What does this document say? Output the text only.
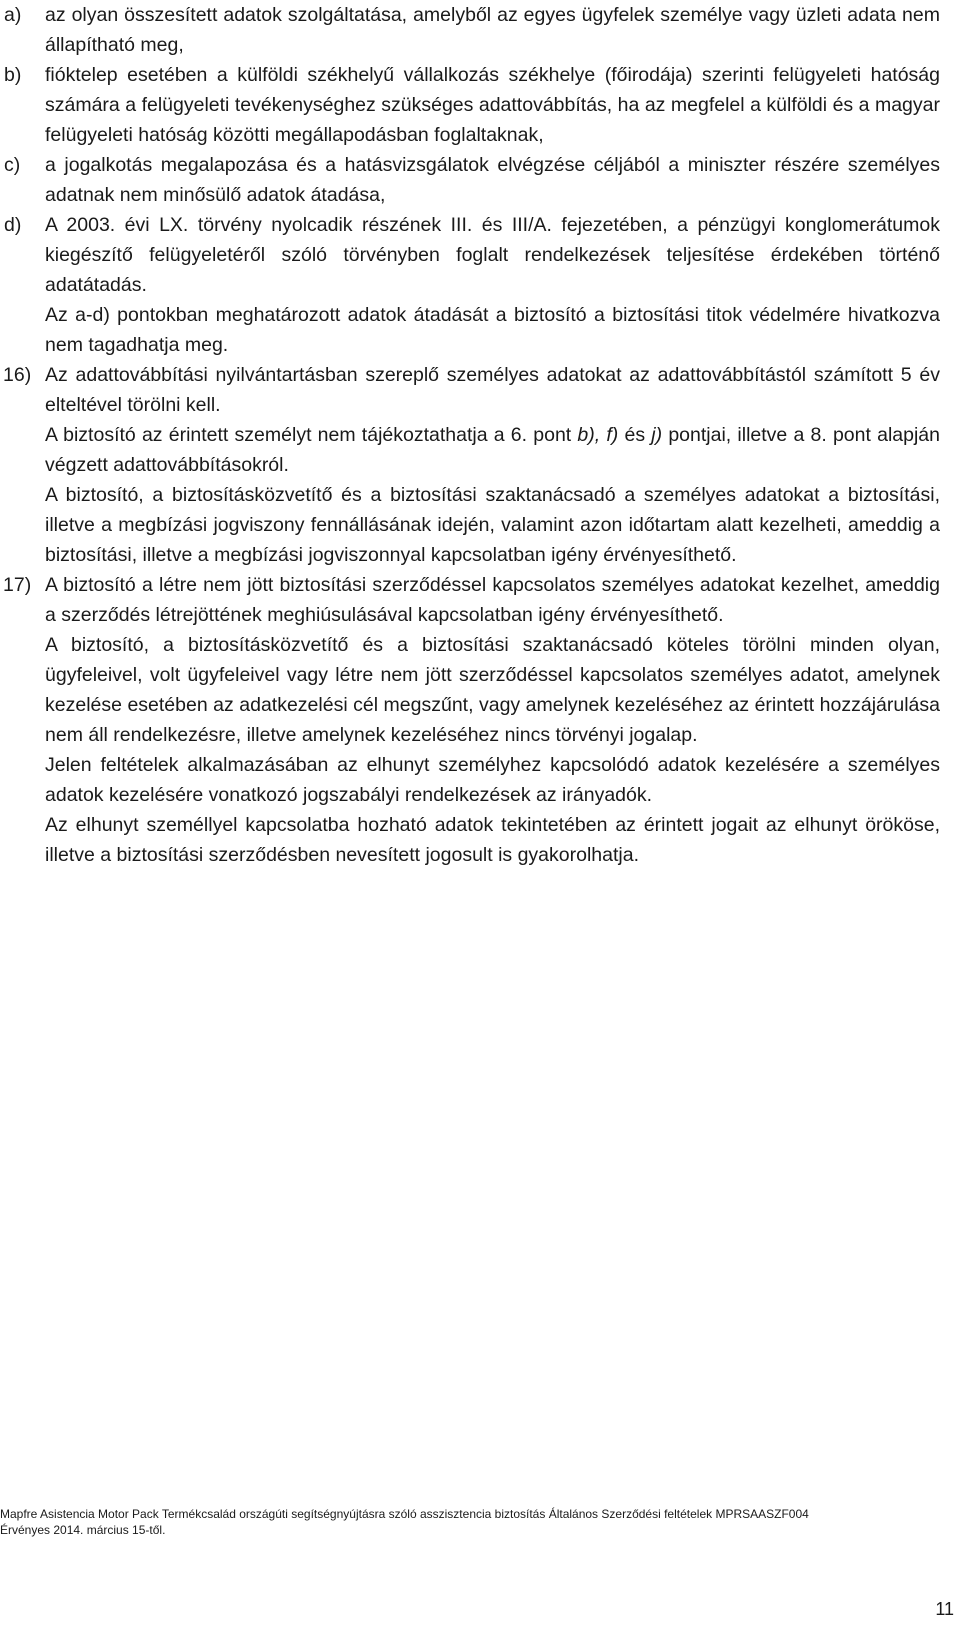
a) az olyan összesített adatok szolgáltatása, amelyből az egyes ügyfelek személye vagy üzleti adata nem állapítható meg,
b) fióktelep esetében a külföldi székhelyű vállalkozás székhelye (főirodája) szerinti felügyeleti hatóság számára a felügyeleti tevékenységhez szükséges adattovábbítás, ha az megfelel a külföldi és a magyar felügyeleti hatóság közötti megállapodásban foglaltaknak,
c) a jogalkotás megalapozása és a hatásvizsgálatok elvégzése céljából a miniszter részére személyes adatnak nem minősülő adatok átadása,
d) A 2003. évi LX. törvény nyolcadik részének III. és III/A. fejezetében, a pénzügyi konglomerátumok kiegészítő felügyeletéről szóló törvényben foglalt rendelkezések teljesítése érdekében történő adatátadás.
Az a-d) pontokban meghatározott adatok átadását a biztosító a biztosítási titok védelmére hivatkozva nem tagadhatja meg.
16) Az adattovábbítási nyilvántartásban szereplő személyes adatokat az adattovábbítástól számított 5 év elteltével törölni kell.
A biztosító az érintett személyt nem tájékoztathatja a 6. pont b), f) és j) pontjai, illetve a 8. pont alapján végzett adattovábbításokról.
A biztosító, a biztosításközvetítő és a biztosítási szaktanácsadó a személyes adatokat a biztosítási, illetve a megbízási jogviszony fennállásának idején, valamint azon időtartam alatt kezelheti, ameddig a biztosítási, illetve a megbízási jogviszonnyal kapcsolatban igény érvényesíthető.
17) A biztosító a létre nem jött biztosítási szerződéssel kapcsolatos személyes adatokat kezelhet, ameddig a szerződés létrejöttének meghiúsulásával kapcsolatban igény érvényesíthető.
A biztosító, a biztosításközvetítő és a biztosítási szaktanácsadó köteles törölni minden olyan, ügyfeleivel, volt ügyfeleivel vagy létre nem jött szerződéssel kapcsolatos személyes adatot, amelynek kezelése esetében az adatkezelési cél megszűnt, vagy amelynek kezeléséhez az érintett hozzájárulása nem áll rendelkezésre, illetve amelynek kezeléséhez nincs törvényi jogalap.
Jelen feltételek alkalmazásában az elhunyt személyhez kapcsolódó adatok kezelésére a személyes adatok kezelésére vonatkozó jogszabályi rendelkezések az irányadók.
Az elhunyt személlyel kapcsolatba hozható adatok tekintetében az érintett jogait az elhunyt örököse, illetve a biztosítási szerződésben nevesített jogosult is gyakorolhatja.
Mapfre Asistencia Motor Pack Termékcsalád országúti segítségnyújtásra szóló asszisztencia biztosítás Általános Szerződési feltételek MPRSAASZF004
Érvényes 2014. március 15-től.
11
